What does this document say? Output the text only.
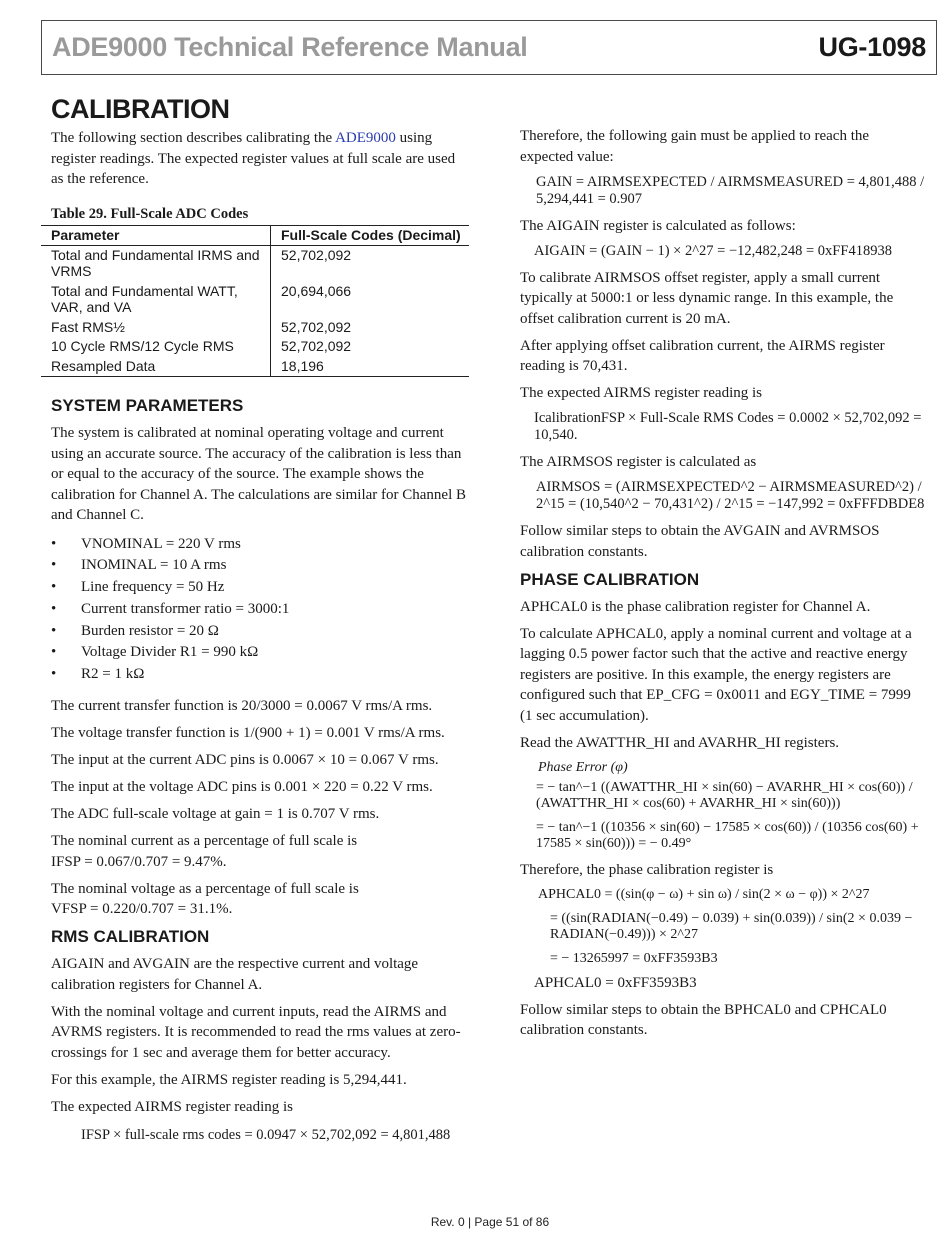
ADE9000 Technical Reference Manual	UG-1098
CALIBRATION

The following section describes calibrating the ADE9000 using register readings. The expected register values at full scale are used as the reference.

Table 29. Full-Scale ADC Codes
Parameter	Full-Scale Codes (Decimal)

Total and Fundamental IRMS and VRMS	52,702,092

Total and Fundamental WATT, VAR, and VA	20,694,066
Fast RMS½	52,702,092
10 Cycle RMS/12 Cycle RMS	52,702,092
Resampled Data	18,196
SYSTEM PARAMETERS

The system is calibrated at nominal operating voltage and current using an accurate source. The accuracy of the calibration is less than or equal to the accuracy of the source. The example shows the calibration for Channel A. The calculations are similar for Channel B and Channel C.

• VNOMINAL = 220 V rms
• INOMINAL = 10 A rms
• Line frequency = 50 Hz
• Current transformer ratio = 3000:1
• Burden resistor = 20 Ω
• Voltage Divider R1 = 990 kΩ
• R2 = 1 kΩ

The current transfer function is 20/3000 = 0.0067 V rms/A rms.

The voltage transfer function is 1/(900 + 1) = 0.001 V rms/A rms.

The input at the current ADC pins is 0.0067 × 10 = 0.067 V rms.

The input at the voltage ADC pins is 0.001 × 220 = 0.22 V rms.

The ADC full-scale voltage at gain = 1 is 0.707 V rms.

The nominal current as a percentage of full scale is IFSP = 0.067/0.707 = 9.47%.

The nominal voltage as a percentage of full scale is VFSP = 0.220/0.707 = 31.1%.

RMS CALIBRATION

AIGAIN and AVGAIN are the respective current and voltage calibration registers for Channel A.

With the nominal voltage and current inputs, read the AIRMS and AVRMS registers. It is recommended to read the rms values at zero-crossings for 1 sec and average them for better accuracy.

For this example, the AIRMS register reading is 5,294,441.

The expected AIRMS register reading is

IFSP × full-scale rms codes = 0.0947 × 52,702,092 = 4,801,488

Therefore, the following gain must be applied to reach the expected value:

GAIN = AIRMSEXPECTED / AIRMSMEASURED = 4,801,488 / 5,294,441 = 0.907

The AIGAIN register is calculated as follows:

AIGAIN = (GAIN − 1) × 2^27 = −12,482,248 = 0xFF418938

To calibrate AIRMSOS offset register, apply a small current typically at 5000:1 or less dynamic range. In this example, the offset calibration current is 20 mA.

After applying offset calibration current, the AIRMS register reading is 70,431.

The expected AIRMS register reading is

IcalibrationFSP × Full-Scale RMS Codes = 0.0002 × 52,702,092 = 10,540.

The AIRMSOS register is calculated as

AIRMSOS = (AIRMSEXPECTED^2 − AIRMSMEASURED^2) / 2^15 = (10,540^2 − 70,431^2) / 2^15 = −147,992 = 0xFFFDBDE8

Follow similar steps to obtain the AVGAIN and AVRMSOS calibration constants.

PHASE CALIBRATION

APHCAL0 is the phase calibration register for Channel A.

To calculate APHCAL0, apply a nominal current and voltage at a lagging 0.5 power factor such that the active and reactive energy registers are positive. In this example, the energy registers are configured such that EP_CFG = 0x0011 and EGY_TIME = 7999 (1 sec accumulation).

Read the AWATTHR_HI and AVARHR_HI registers.

Phase Error (φ)
= − tan^−1 ((AWATTHR_HI × sin(60) − AVARHR_HI × cos(60)) / (AWATTHR_HI × cos(60) + AVARHR_HI × sin(60)))
= − tan^−1 ((10356 × sin(60) − 17585 × cos(60)) / (10356 cos(60) + 17585 × sin(60))) = − 0.49°

Therefore, the phase calibration register is

APHCAL0 = ((sin(φ − ω) + sin ω) / sin(2 × ω − φ)) × 2^27
= ((sin(RADIAN(−0.49) − 0.039) + sin(0.039)) / sin(2 × 0.039 − RADIAN(−0.49))) × 2^27
= − 13265997 = 0xFF3593B3
APHCAL0 = 0xFF3593B3

Follow similar steps to obtain the BPHCAL0 and CPHCAL0 calibration constants.

Rev. 0 | Page 51 of 86
